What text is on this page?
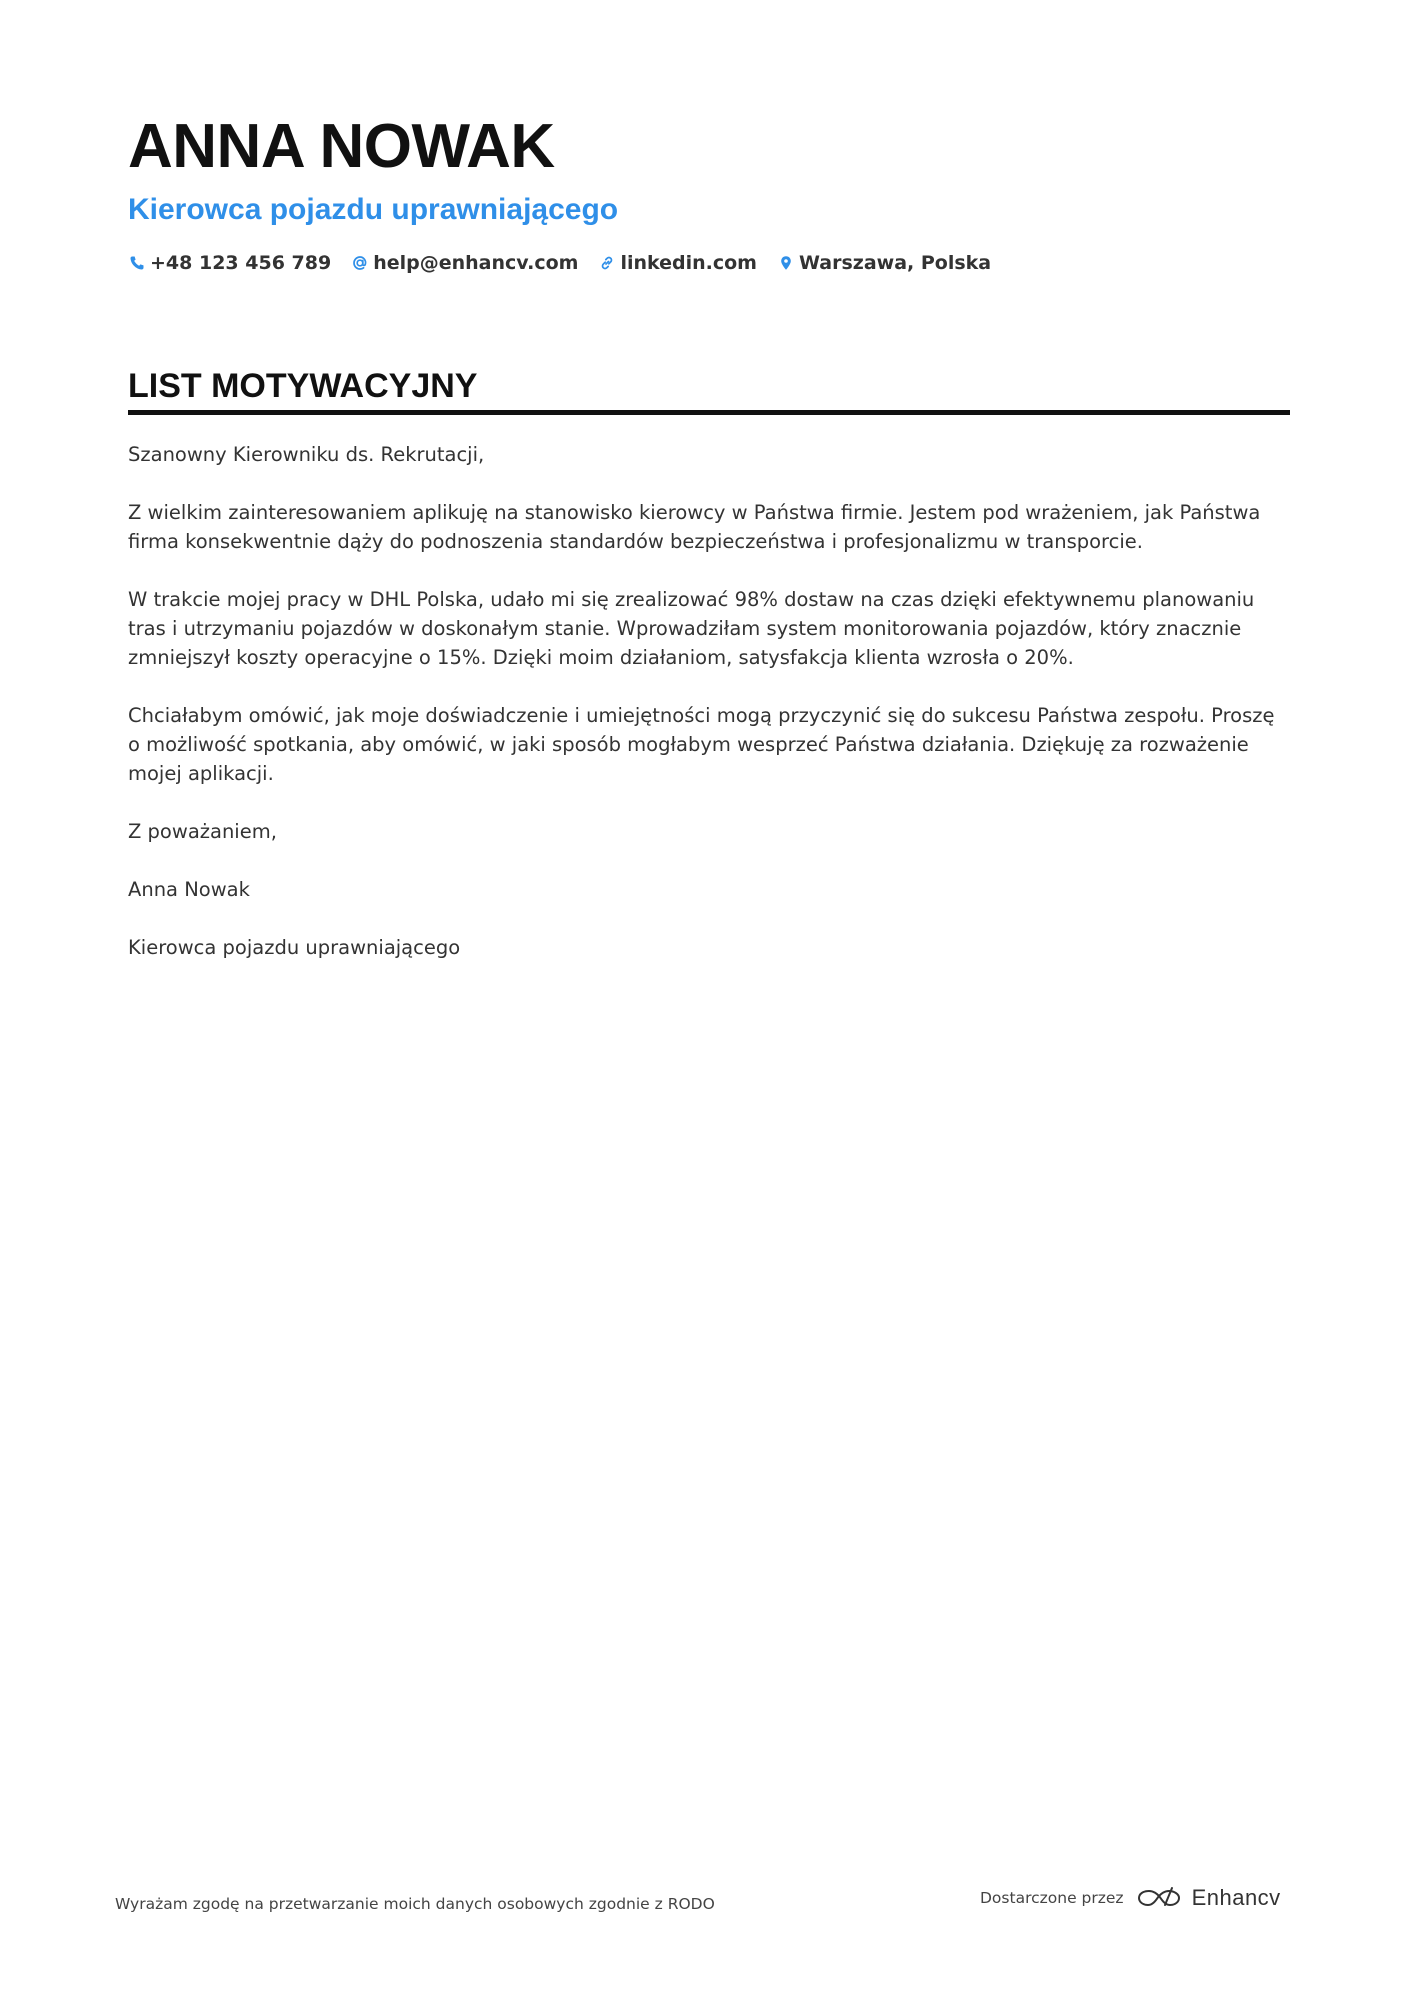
ANNA NOWAK
Kierowca pojazdu uprawniającego
+48 123 456 789 help@enhancv.com linkedin.com Warszawa, Polska
LIST MOTYWACYJNY

Szanowny Kierowniku ds. Rekrutacji,

Z wielkim zainteresowaniem aplikuję na stanowisko kierowcy w Państwa firmie. Jestem pod wrażeniem, jak Państwa firma konsekwentnie dąży do podnoszenia standardów bezpieczeństwa i profesjonalizmu w transporcie.

W trakcie mojej pracy w DHL Polska, udało mi się zrealizować 98% dostaw na czas dzięki efektywnemu planowaniu tras i utrzymaniu pojazdów w doskonałym stanie. Wprowadziłam system monitorowania pojazdów, który znacznie zmniejszył koszty operacyjne o 15%. Dzięki moim działaniom, satysfakcja klienta wzrosła o 20%.

Chciałabym omówić, jak moje doświadczenie i umiejętności mogą przyczynić się do sukcesu Państwa zespołu. Proszę o możliwość spotkania, aby omówić, w jaki sposób mogłabym wesprzeć Państwa działania. Dziękuję za rozważenie mojej aplikacji.

Z poważaniem,

Anna Nowak

Kierowca pojazdu uprawniającego

Wyrażam zgodę na przetwarzanie moich danych osobowych zgodnie z RODO	Dostarczone przez	Enhancv
